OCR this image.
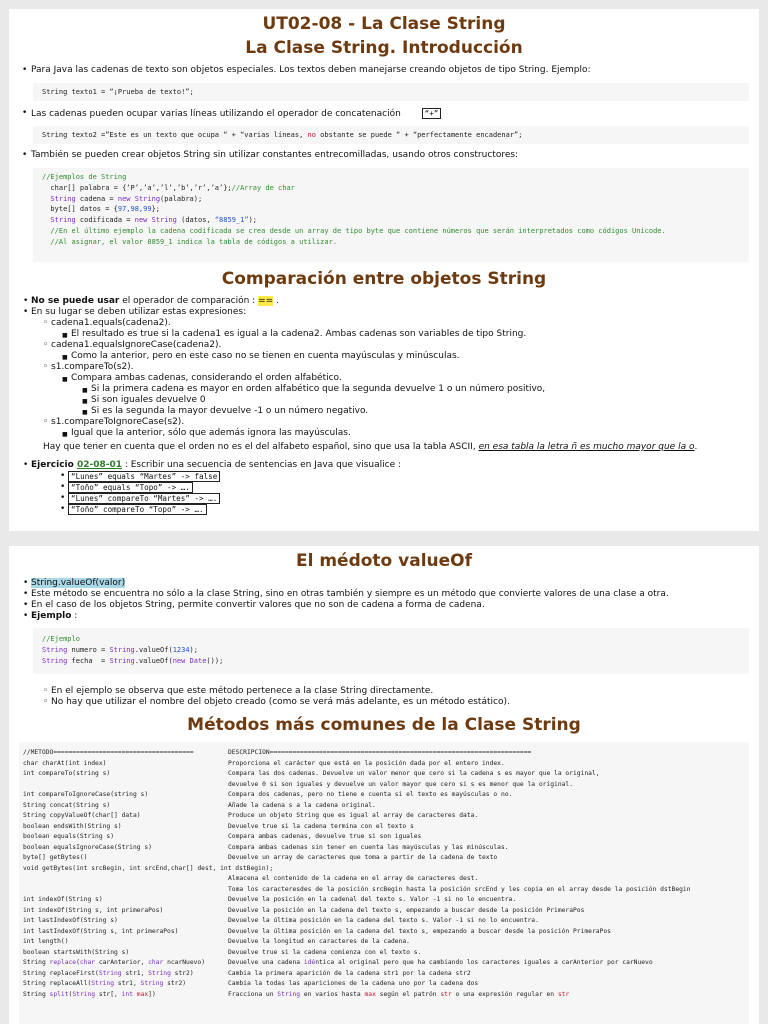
UT02-08 - La Clase String
La Clase String. Introducción
• Para Java las cadenas de texto son objetos especiales. Los textos deben manejarse creando objetos de tipo String. Ejemplo:
String texto1 = “¡Prueba de texto!”;
• Las cadenas pueden ocupar varias líneas utilizando el operador de concatenación	“+”
String texto2 =”Este es un texto que ocupa “ + “varias líneas, no obstante se puede “ + “perfectamente encadenar”;
• También se pueden crear objetos String sin utilizar constantes entrecomilladas, usando otros constructores:
//Ejemplos de String
char[] palabra = {‘P’,’a’,’l’,’b’,’r’,’a’};//Array de char
String cadena = new String(palabra);
byte[] datos = {97,98,99};
String codificada = new String (datos, “8859_1”);
//En el último ejemplo la cadena codificada se crea desde un array de tipo byte que contiene números que serán interpretados como códigos Unicode.
//Al asignar, el valor 8859_1 indica la tabla de códigos a utilizar.
Comparación entre objetos String
• No se puede usar el operador de comparación : == .
• En su lugar se deben utilizar estas expresiones:
◦ cadena1.equals(cadena2).
■ El resultado es true si la cadena1 es igual a la cadena2. Ambas cadenas son variables de tipo String.
◦ cadena1.equalsIgnoreCase(cadena2).
■ Como la anterior, pero en este caso no se tienen en cuenta mayúsculas y minúsculas.
◦ s1.compareTo(s2).
■ Compara ambas cadenas, considerando el orden alfabético.
■ Si la primera cadena es mayor en orden alfabético que la segunda devuelve 1 o un número positivo,
■ Si son iguales devuelve 0
■ Si es la segunda la mayor devuelve -1 o un número negativo.
◦ s1.compareToIgnoreCase(s2).
■ Igual que la anterior, sólo que además ignora las mayúsculas.
Hay que tener en cuenta que el orden no es el del alfabeto español, sino que usa la tabla ASCII, en esa tabla la letra ñ es mucho mayor que la o.
• Ejercicio 02-08-01 : Escribir una secuencia de sentencias en Java que visualice :
• “Lunes” equals “Martes” -> false
• “Toño” equals “Topo” -> ….
• “Lunes” compareTo “Martes” -> ….
• “Toño” compareTo “Topo” -> ….
El médoto valueOf
• String.valueOf(valor)
• Este método se encuentra no sólo a la clase String, sino en otras también y siempre es un método que convierte valores de una clase a otra.
• En el caso de los objetos String, permite convertir valores que no son de cadena a forma de cadena.
• Ejemplo :
//Ejemplo
String numero = String.valueOf(1234);
String fecha  = String.valueOf(new Date());
◦ En el ejemplo se observa que este método pertenece a la clase String directamente.
◦ No hay que utilizar el nombre del objeto creado (como se verá más adelante, es un método estático).
Métodos más comunes de la Clase String
//METODO=====================================	DESCRIPCION=====================================================================
char charAt(int index)	Proporciona el carácter que está en la posición dada por el entero index.
int compareTo(string s)	Compara las dos cadenas. Devuelve un valor menor que cero si la cadena s es mayor que la original,
devuelve 0 si son iguales y devuelve un valor mayor que cero si s es menor que la original.
int compareToIgnoreCase(string s)	Compara dos cadenas, pero no tiene e cuenta si el texto es mayúsculas o no.
String concat(String s)	Añade la cadena s a la cadena original.
String copyValueOf(char[] data)	Produce un objeto String que es igual al array de caracteres data.
boolean endsWith(String s)	Devuelve true si la cadena termina con el texto s
boolean equals(String s)	Compara ambas cadenas, devuelve true si son iguales
boolean equalsIgnoreCase(String s)	Compara ambas cadenas sin tener en cuenta las mayúsculas y las minúsculas.
byte[] getBytes()	Devuelve un array de caracteres que toma a partir de la cadena de texto
void getBytes(int srcBegin, int srcEnd,char[] dest, int dstBegin);
Almacena el contenido de la cadena en el array de caracteres dest.
Toma los caracteresdes de la posición srcBegin hasta la posición srcEnd y les copia en el array desde la posición dstBegin
int indexOf(String s)	Devuelve la posición en la cadenal del texto s. Valor -1 si no lo encuentra.
int indexOf(String s, int primeraPos)	Devuelve la posición en la cadena del texto s, empezando a buscar desde la posición PrimeraPos
int lastIndexOf(String s)	Devuelve la última posición en la cadena del texto s. Valor -1 si no lo encuentra.
int lastIndexOf(String s, int primeraPos)	Devuelve la última posición en la cadena del texto s, empezando a buscar desde la posición PrimeraPos
int length()	Devuelve la longitud en caracteres de la cadena.
boolean startsWith(String s)	Devuelve true si la cadena comienza con el texto s.
String replace(char carAnterior, char ncarNuevo)	Devuelve una cadena idéntica al original pero que ha cambiando los caracteres iguales a carAnterior por carNuevo
String replaceFirst(String str1, String str2)	Cambia la primera aparición de la cadena str1 por la cadena str2
String replaceAll(String str1, String str2)	Cambia la todas las apariciones de la cadena uno por la cadena dos
String split(String str[, int max])	Fracciona un String en varios hasta max según el patrón str o una expresión regular en str
